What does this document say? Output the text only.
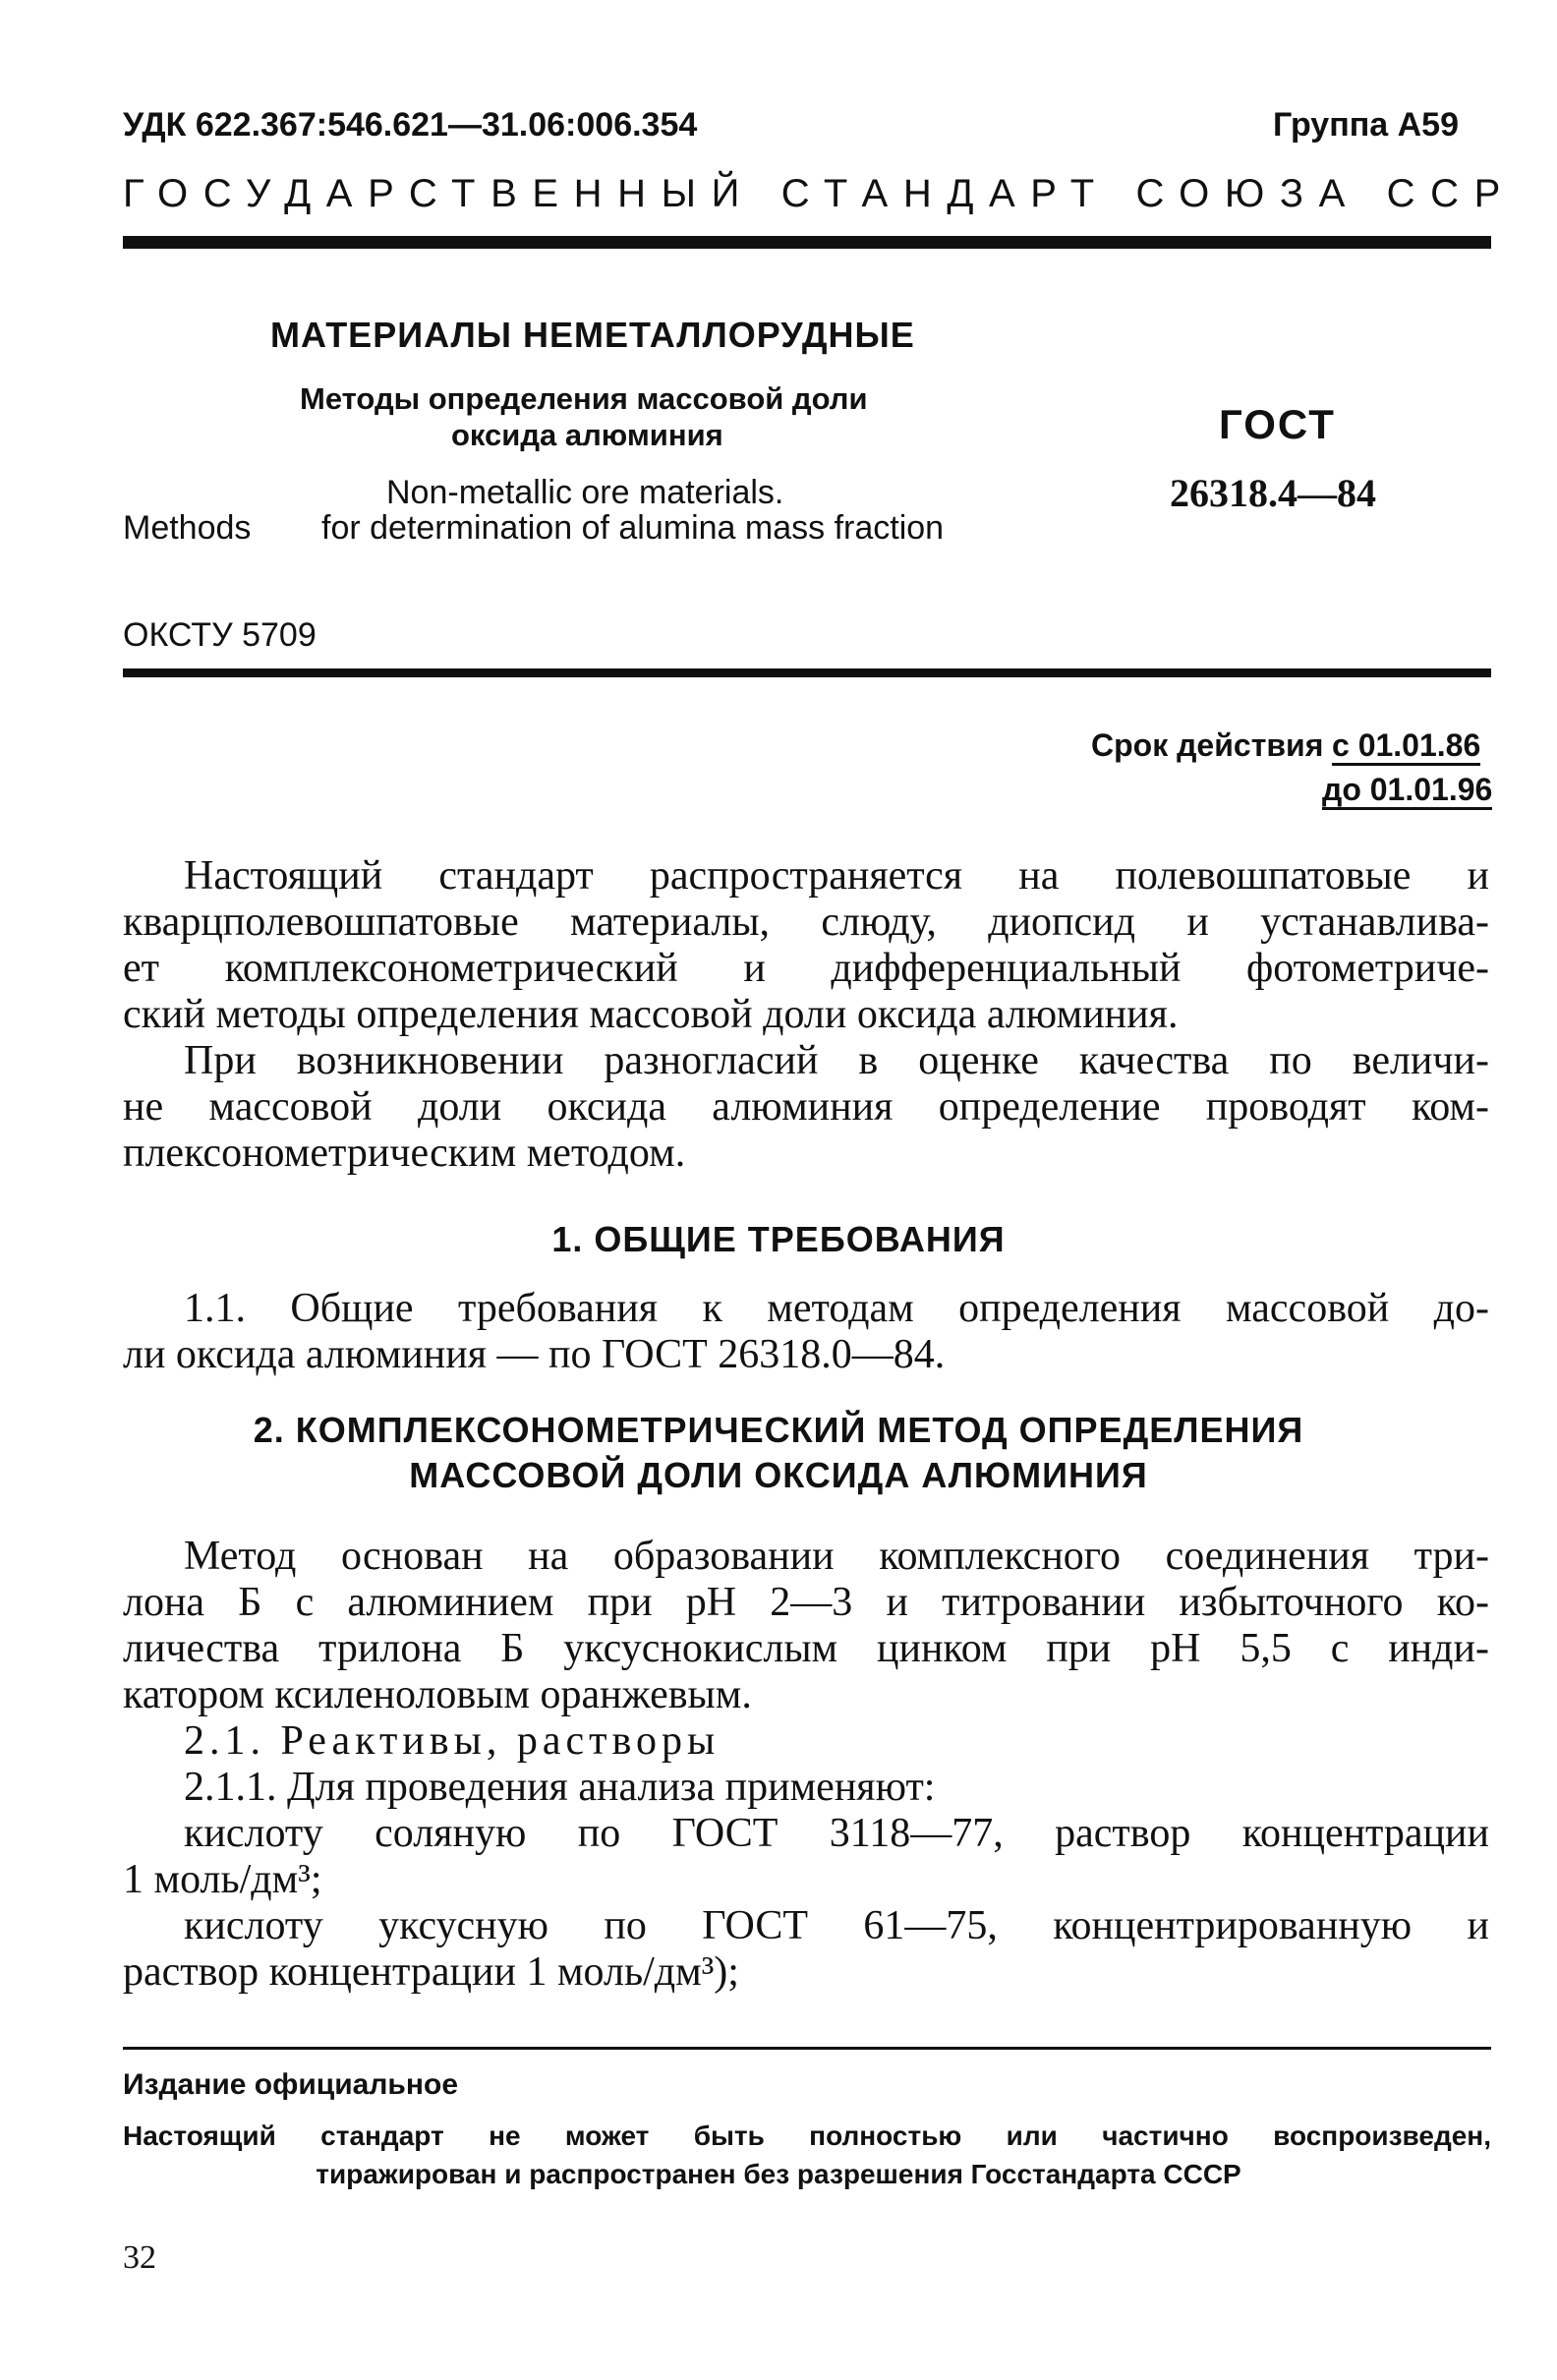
УДК 622.367:546.621—31.06:006.354	Группа А59
ГОСУДАРСТВЕННЫЙ СТАНДАРТ СОЮЗА ССР
МАТЕРИАЛЫ НЕМЕТАЛЛОРУДНЫЕ
Методы определения массовой доли
оксида алюминия
Non-metallic ore materials.
Methods for determination of alumina mass fraction
ГОСТ
26318.4—84
ОКСТУ 5709
Срок действия с 01.01.86
до 01.01.96
Настоящий стандарт распространяется на полевошпатовые и
кварцполевошпатовые материалы, слюду, диопсид и устанавлива-
ет комплексонометрический и дифференциальный фотометриче-
ский методы определения массовой доли оксида алюминия.
При возникновении разногласий в оценке качества по величи-
не массовой доли оксида алюминия определение проводят ком-
плексонометрическим методом.
1. ОБЩИЕ ТРЕБОВАНИЯ
1.1. Общие требования к методам определения массовой до-
ли оксида алюминия — по ГОСТ 26318.0—84.
2. КОМПЛЕКСОНОМЕТРИЧЕСКИЙ МЕТОД ОПРЕДЕЛЕНИЯ
МАССОВОЙ ДОЛИ ОКСИДА АЛЮМИНИЯ
Метод основан на образовании комплексного соединения три-
лона Б с алюминием при pH 2—3 и титровании избыточного ко-
личества трилона Б уксуснокислым цинком при pH 5,5 с инди-
катором ксиленоловым оранжевым.
2.1. Реактивы, растворы
2.1.1. Для проведения анализа применяют:
кислоту соляную по ГОСТ 3118—77, раствор концентрации
1 моль/дм³;
кислоту уксусную по ГОСТ 61—75, концентрированную и
раствор концентрации 1 моль/дм³);
Издание официальное
Настоящий стандарт не может быть полностью или частично воспроизведен,
тиражирован и распространен без разрешения Госстандарта СССР
32
